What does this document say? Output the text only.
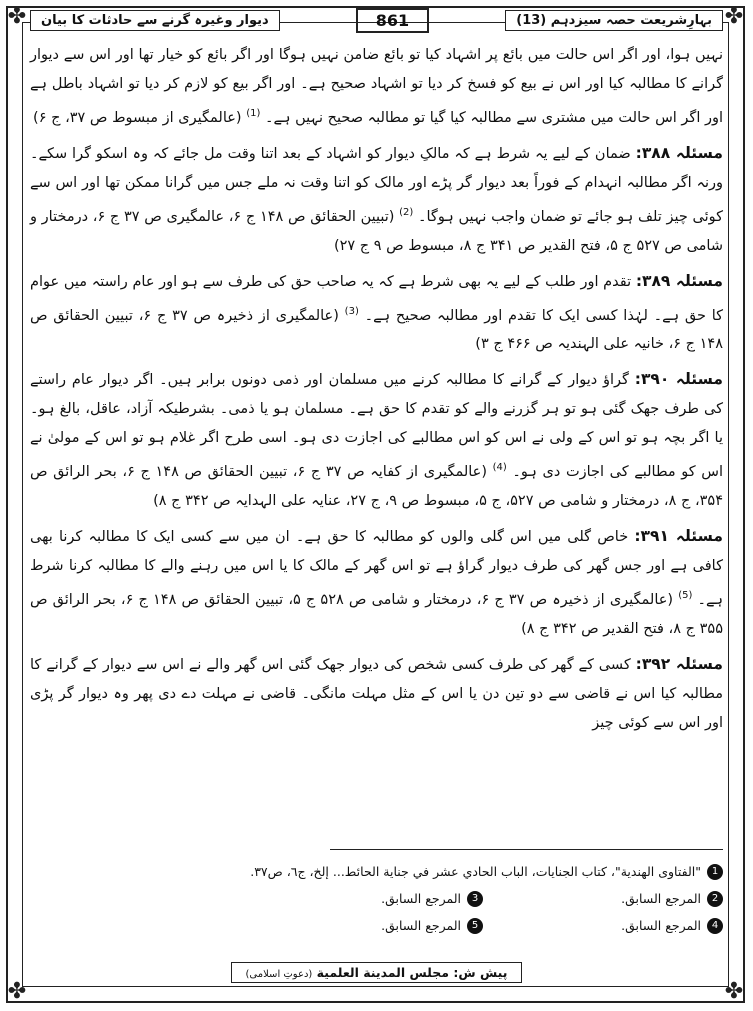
✤	✤
✤	✤
بہارِشریعت حصہ سیزدہم (13)
861
دیوار وغیرہ گرنے سے حادثات کا بیان

نہیں ہوا، اور اگر اس حالت میں بائع پر اشہاد کیا تو بائع ضامن نہیں ہوگا اور اگر بائع کو خیار تھا اور اس سے دیوار گرانے کا مطالبہ کیا اور اس نے بیع کو فسخ کر دیا تو اشہاد صحیح ہے۔ اور اگر بیع کو لازم کر دیا تو اشہاد باطل ہے اور اگر اس حالت میں مشتری سے مطالبہ کیا گیا تو مطالبہ صحیح نہیں ہے۔ $^{(1)}$ (عالمگیری از مبسوط ص ۳۷، ج ۶)

مسئلہ ۳۸۸: ضمان کے لیے یہ شرط ہے کہ مالکِ دیوار کو اشہاد کے بعد اتنا وقت مل جائے کہ وہ اسکو گرا سکے۔ ورنہ اگر مطالبہ انہدام کے فوراً بعد دیوار گر پڑے اور مالک کو اتنا وقت نہ ملے جس میں گرانا ممکن تھا اور اس سے کوئی چیز تلف ہو جائے تو ضمان واجب نہیں ہوگا۔ $^{(2)}$ (تبیین الحقائق ص ۱۴۸ ج ۶، عالمگیری ص ۳۷ ج ۶، درمختار و شامی ص ۵۲۷ ج ۵، فتح القدیر ص ۳۴۱ ج ۸، مبسوط ص ۹ ج ۲۷)

مسئلہ ۳۸۹: تقدم اور طلب کے لیے یہ بھی شرط ہے کہ یہ صاحب حق کی طرف سے ہو اور عام راستہ میں عوام کا حق ہے۔ لہٰذا کسی ایک کا تقدم اور مطالبہ صحیح ہے۔ $^{(3)}$ (عالمگیری از ذخیرہ ص ۳۷ ج ۶، تبیین الحقائق ص ۱۴۸ ج ۶، خانیہ علی الہندیہ ص ۴۶۶ ج ۳)

مسئلہ ۳۹۰: گراؤ دیوار کے گرانے کا مطالبہ کرنے میں مسلمان اور ذمی دونوں برابر ہیں۔ اگر دیوار عام راستے کی طرف جھک گئی ہو تو ہر گزرنے والے کو تقدم کا حق ہے۔ مسلمان ہو یا ذمی۔ بشرطیکہ آزاد، عاقل، بالغ ہو۔ یا اگر بچہ ہو تو اس کے ولی نے اس کو اس مطالبے کی اجازت دی ہو۔ اسی طرح اگر غلام ہو تو اس کے مولیٰ نے اس کو مطالبے کی اجازت دی ہو۔ $^{(4)}$ (عالمگیری از کفایہ ص ۳۷ ج ۶، تبیین الحقائق ص ۱۴۸ ج ۶، بحر الرائق ص ۳۵۴، ج ۸، درمختار و شامی ص ۵۲۷، ج ۵، مبسوط ص ۹، ج ۲۷، عنایہ علی الہدایہ ص ۳۴۲ ج ۸)

مسئلہ ۳۹۱: خاص گلی میں اس گلی والوں کو مطالبہ کا حق ہے۔ ان میں سے کسی ایک کا مطالبہ کرنا بھی کافی ہے اور جس گھر کی طرف دیوار گراؤ ہے تو اس گھر کے مالک کا یا اس میں رہنے والے کا مطالبہ کرنا شرط ہے۔ $^{(5)}$ (عالمگیری از ذخیرہ ص ۳۷ ج ۶، درمختار و شامی ص ۵۲۸ ج ۵، تبیین الحقائق ص ۱۴۸ ج ۶، بحر الرائق ص ۳۵۵ ج ۸، فتح القدیر ص ۳۴۲ ج ۸)

مسئلہ ۳۹۲: کسی کے گھر کی طرف کسی شخص کی دیوار جھک گئی اس گھر والے نے اس سے دیوار کے گرانے کا مطالبہ کیا اس نے قاضی سے دو تین دن یا اس کے مثل مہلت مانگی۔ قاضی نے مہلت دے دی پھر وہ دیوار گر پڑی اور اس سے کوئی چیز

1
"الفتاوى الهندية"، كتاب الجنايات، الباب الحادي عشر في جناية الحائط... إلخ، ج٦، ص٣٧.
2
المرجع السابق.
3
المرجع السابق.
4
المرجع السابق.
5
المرجع السابق.
پیش ش: مجلس المدينة العلمية (دعوتِ اسلامی)
